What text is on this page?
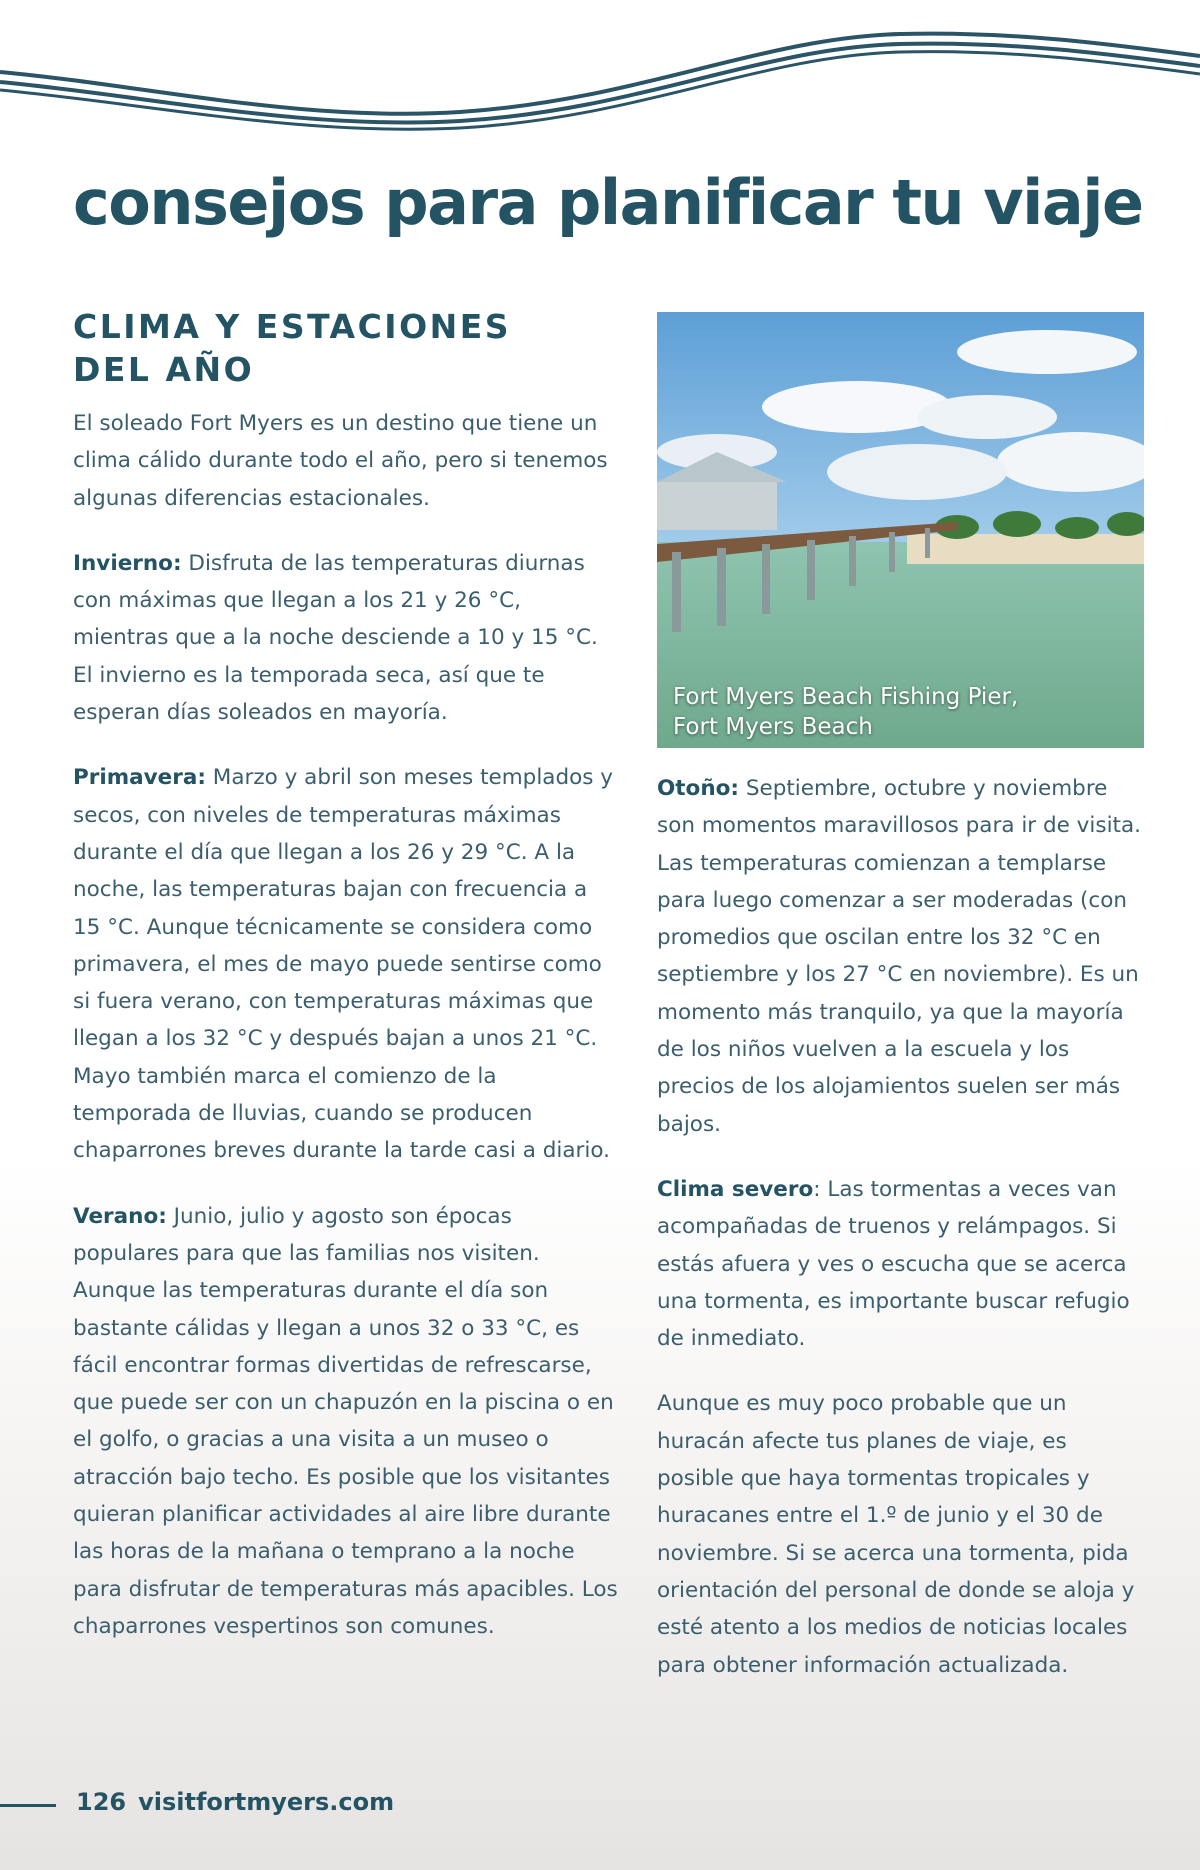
consejos para planificar tu viaje
CLIMA Y ESTACIONES
DEL AÑO

El soleado Fort Myers es un destino que tiene un clima cálido durante todo el año, pero si tenemos algunas diferencias estacionales.

Invierno: Disfruta de las temperaturas diurnas con máximas que llegan a los 21 y 26 °C, mientras que a la noche desciende a 10 y 15 °C. El invierno es la temporada seca, así que te esperan días soleados en mayoría.

Primavera: Marzo y abril son meses templados y secos, con niveles de temperaturas máximas durante el día que llegan a los 26 y 29 °C. A la noche, las temperaturas bajan con frecuencia a 15 °C. Aunque técnicamente se considera como primavera, el mes de mayo puede sentirse como si fuera verano, con temperaturas máximas que llegan a los 32 °C y después bajan a unos 21 °C. Mayo también marca el comienzo de la temporada de lluvias, cuando se producen chaparrones breves durante la tarde casi a diario.

Verano: Junio, julio y agosto son épocas populares para que las familias nos visiten. Aunque las temperaturas durante el día son bastante cálidas y llegan a unos 32 o 33 °C, es fácil encontrar formas divertidas de refrescarse, que puede ser con un chapuzón en la piscina o en el golfo, o gracias a una visita a un museo o atracción bajo techo. Es posible que los visitantes quieran planificar actividades al aire libre durante las horas de la mañana o temprano a la noche para disfrutar de temperaturas más apacibles. Los chaparrones vespertinos son comunes.

Fort Myers Beach Fishing Pier,
Fort Myers Beach

Otoño: Septiembre, octubre y noviembre son momentos maravillosos para ir de visita. Las temperaturas comienzan a templarse para luego comenzar a ser moderadas (con promedios que oscilan entre los 32 °C en septiembre y los 27 °C en noviembre). Es un momento más tranquilo, ya que la mayoría de los niños vuelven a la escuela y los precios de los alojamientos suelen ser más bajos.

Clima severo: Las tormentas a veces van acompañadas de truenos y relámpagos. Si estás afuera y ves o escucha que se acerca una tormenta, es importante buscar refugio de inmediato.

Aunque es muy poco probable que un huracán afecte tus planes de viaje, es posible que haya tormentas tropicales y huracanes entre el 1.º de junio y el 30 de noviembre. Si se acerca una tormenta, pida orientación del personal de donde se aloja y esté atento a los medios de noticias locales para obtener información actualizada.

126 visitfortmyers.com
